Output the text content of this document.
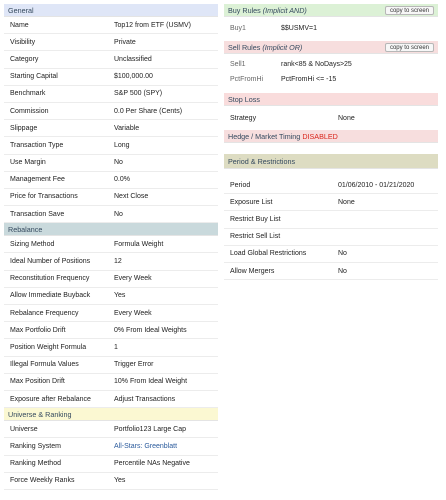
General
Name	Top12 from ETF (USMV)
Visibility	Private
Category	Unclassified
Starting Capital	$100,000.00
Benchmark	S&P 500 (SPY)
Commission	0.0 Per Share (Cents)
Slippage	Variable
Transaction Type	Long
Use Margin	No
Management Fee	0.0%
Price for Transactions	Next Close
Transaction Save	No
Rebalance
Sizing Method	Formula Weight
Ideal Number of Positions	12
Reconstitution Frequency	Every Week
Allow Immediate Buyback	Yes
Rebalance Frequency	Every Week
Max Portfolio Drift	0% From Ideal Weights
Position Weight Formula	1
Illegal Formula Values	Trigger Error
Max Position Drift	10% From Ideal Weight
Exposure after Rebalance	Adjust Transactions
Universe & Ranking
Universe	Portfolio123 Large Cap
Ranking System	All-Stars: Greenblatt
Ranking Method	Percentile NAs Negative
Force Weekly Ranks	Yes
Buy Rules (Implicit AND)	copy to screen
Buy1	$$USMV=1
Sell Rules (Implicit OR)	copy to screen
Sell1	rank<85 & NoDays>25
PctFromHi	PctFromHi <= -15
Stop Loss
Strategy	None
Hedge / Market Timing DISABLED
Period & Restrictions
Period	01/06/2010 - 01/21/2020
Exposure List	None
Restrict Buy List
Restrict Sell List
Load Global Restrictions	No
Allow Mergers	No
